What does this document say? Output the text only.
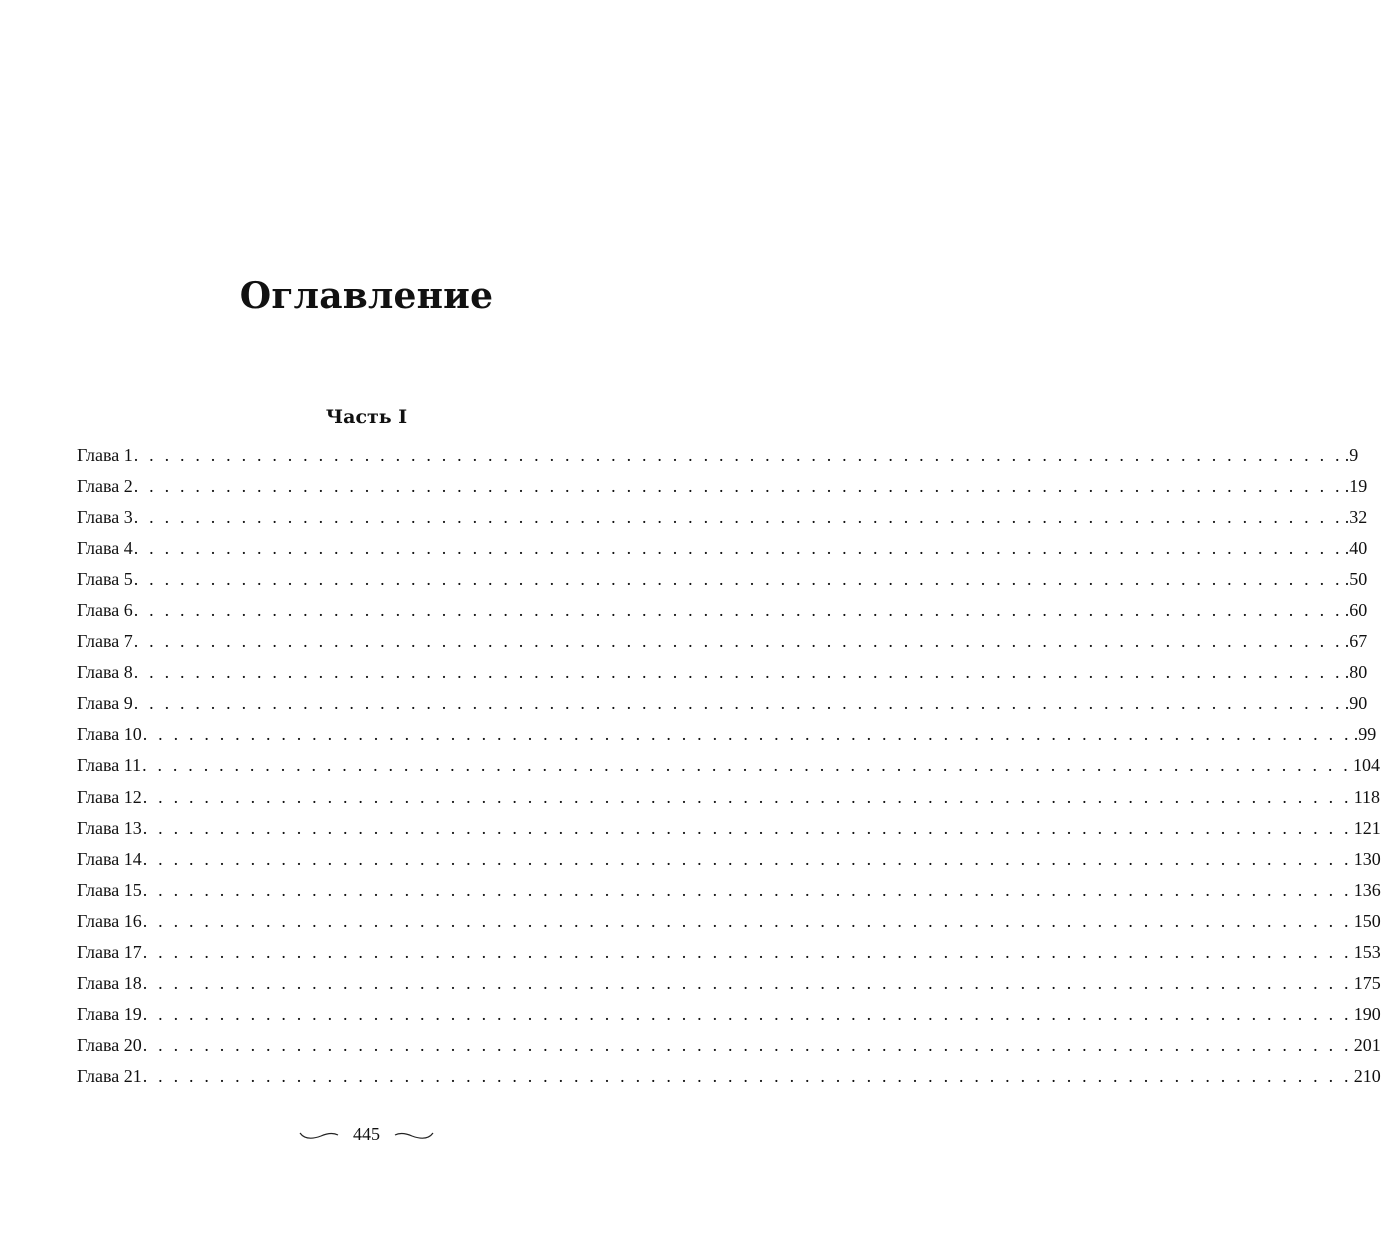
Оглавление
Часть I
Глава 1 . . . . . . . . . . . . . . . . . . . . . . . . . . . . . . . . . . . . . . . . . . . . . . . . . . . . . . . . . . . . . . . . . . . . . . . . . . . . . . . .9
Глава 2 . . . . . . . . . . . . . . . . . . . . . . . . . . . . . . . . . . . . . . . . . . . . . . . . . . . . . . . . . . . . . . . . . . . . . . . . . . . . . . . .19
Глава 3 . . . . . . . . . . . . . . . . . . . . . . . . . . . . . . . . . . . . . . . . . . . . . . . . . . . . . . . . . . . . . . . . . . . . . . . . . . . . . . . .32
Глава 4 . . . . . . . . . . . . . . . . . . . . . . . . . . . . . . . . . . . . . . . . . . . . . . . . . . . . . . . . . . . . . . . . . . . . . . . . . . . . . . . .40
Глава 5 . . . . . . . . . . . . . . . . . . . . . . . . . . . . . . . . . . . . . . . . . . . . . . . . . . . . . . . . . . . . . . . . . . . . . . . . . . . . . . . .50
Глава 6 . . . . . . . . . . . . . . . . . . . . . . . . . . . . . . . . . . . . . . . . . . . . . . . . . . . . . . . . . . . . . . . . . . . . . . . . . . . . . . . .60
Глава 7 . . . . . . . . . . . . . . . . . . . . . . . . . . . . . . . . . . . . . . . . . . . . . . . . . . . . . . . . . . . . . . . . . . . . . . . . . . . . . . . .67
Глава 8 . . . . . . . . . . . . . . . . . . . . . . . . . . . . . . . . . . . . . . . . . . . . . . . . . . . . . . . . . . . . . . . . . . . . . . . . . . . . . . . .80
Глава 9 . . . . . . . . . . . . . . . . . . . . . . . . . . . . . . . . . . . . . . . . . . . . . . . . . . . . . . . . . . . . . . . . . . . . . . . . . . . . . . . .90
Глава 10 . . . . . . . . . . . . . . . . . . . . . . . . . . . . . . . . . . . . . . . . . . . . . . . . . . . . . . . . . . . . . . . . . . . . . . . . . . . . . . . .99
Глава 11 . . . . . . . . . . . . . . . . . . . . . . . . . . . . . . . . . . . . . . . . . . . . . . . . . . . . . . . . . . . . . . . . . . . . . . . . . . . . . . . 104
Глава 12 . . . . . . . . . . . . . . . . . . . . . . . . . . . . . . . . . . . . . . . . . . . . . . . . . . . . . . . . . . . . . . . . . . . . . . . . . . . . . . . 118
Глава 13 . . . . . . . . . . . . . . . . . . . . . . . . . . . . . . . . . . . . . . . . . . . . . . . . . . . . . . . . . . . . . . . . . . . . . . . . . . . . . . . 121
Глава 14 . . . . . . . . . . . . . . . . . . . . . . . . . . . . . . . . . . . . . . . . . . . . . . . . . . . . . . . . . . . . . . . . . . . . . . . . . . . . . . . 130
Глава 15 . . . . . . . . . . . . . . . . . . . . . . . . . . . . . . . . . . . . . . . . . . . . . . . . . . . . . . . . . . . . . . . . . . . . . . . . . . . . . . . 136
Глава 16 . . . . . . . . . . . . . . . . . . . . . . . . . . . . . . . . . . . . . . . . . . . . . . . . . . . . . . . . . . . . . . . . . . . . . . . . . . . . . . . 150
Глава 17 . . . . . . . . . . . . . . . . . . . . . . . . . . . . . . . . . . . . . . . . . . . . . . . . . . . . . . . . . . . . . . . . . . . . . . . . . . . . . . . 153
Глава 18 . . . . . . . . . . . . . . . . . . . . . . . . . . . . . . . . . . . . . . . . . . . . . . . . . . . . . . . . . . . . . . . . . . . . . . . . . . . . . . . 175
Глава 19 . . . . . . . . . . . . . . . . . . . . . . . . . . . . . . . . . . . . . . . . . . . . . . . . . . . . . . . . . . . . . . . . . . . . . . . . . . . . . . . 190
Глава 20 . . . . . . . . . . . . . . . . . . . . . . . . . . . . . . . . . . . . . . . . . . . . . . . . . . . . . . . . . . . . . . . . . . . . . . . . . . . . . . . 201
Глава 21 . . . . . . . . . . . . . . . . . . . . . . . . . . . . . . . . . . . . . . . . . . . . . . . . . . . . . . . . . . . . . . . . . . . . . . . . . . . . . . . 210
445
